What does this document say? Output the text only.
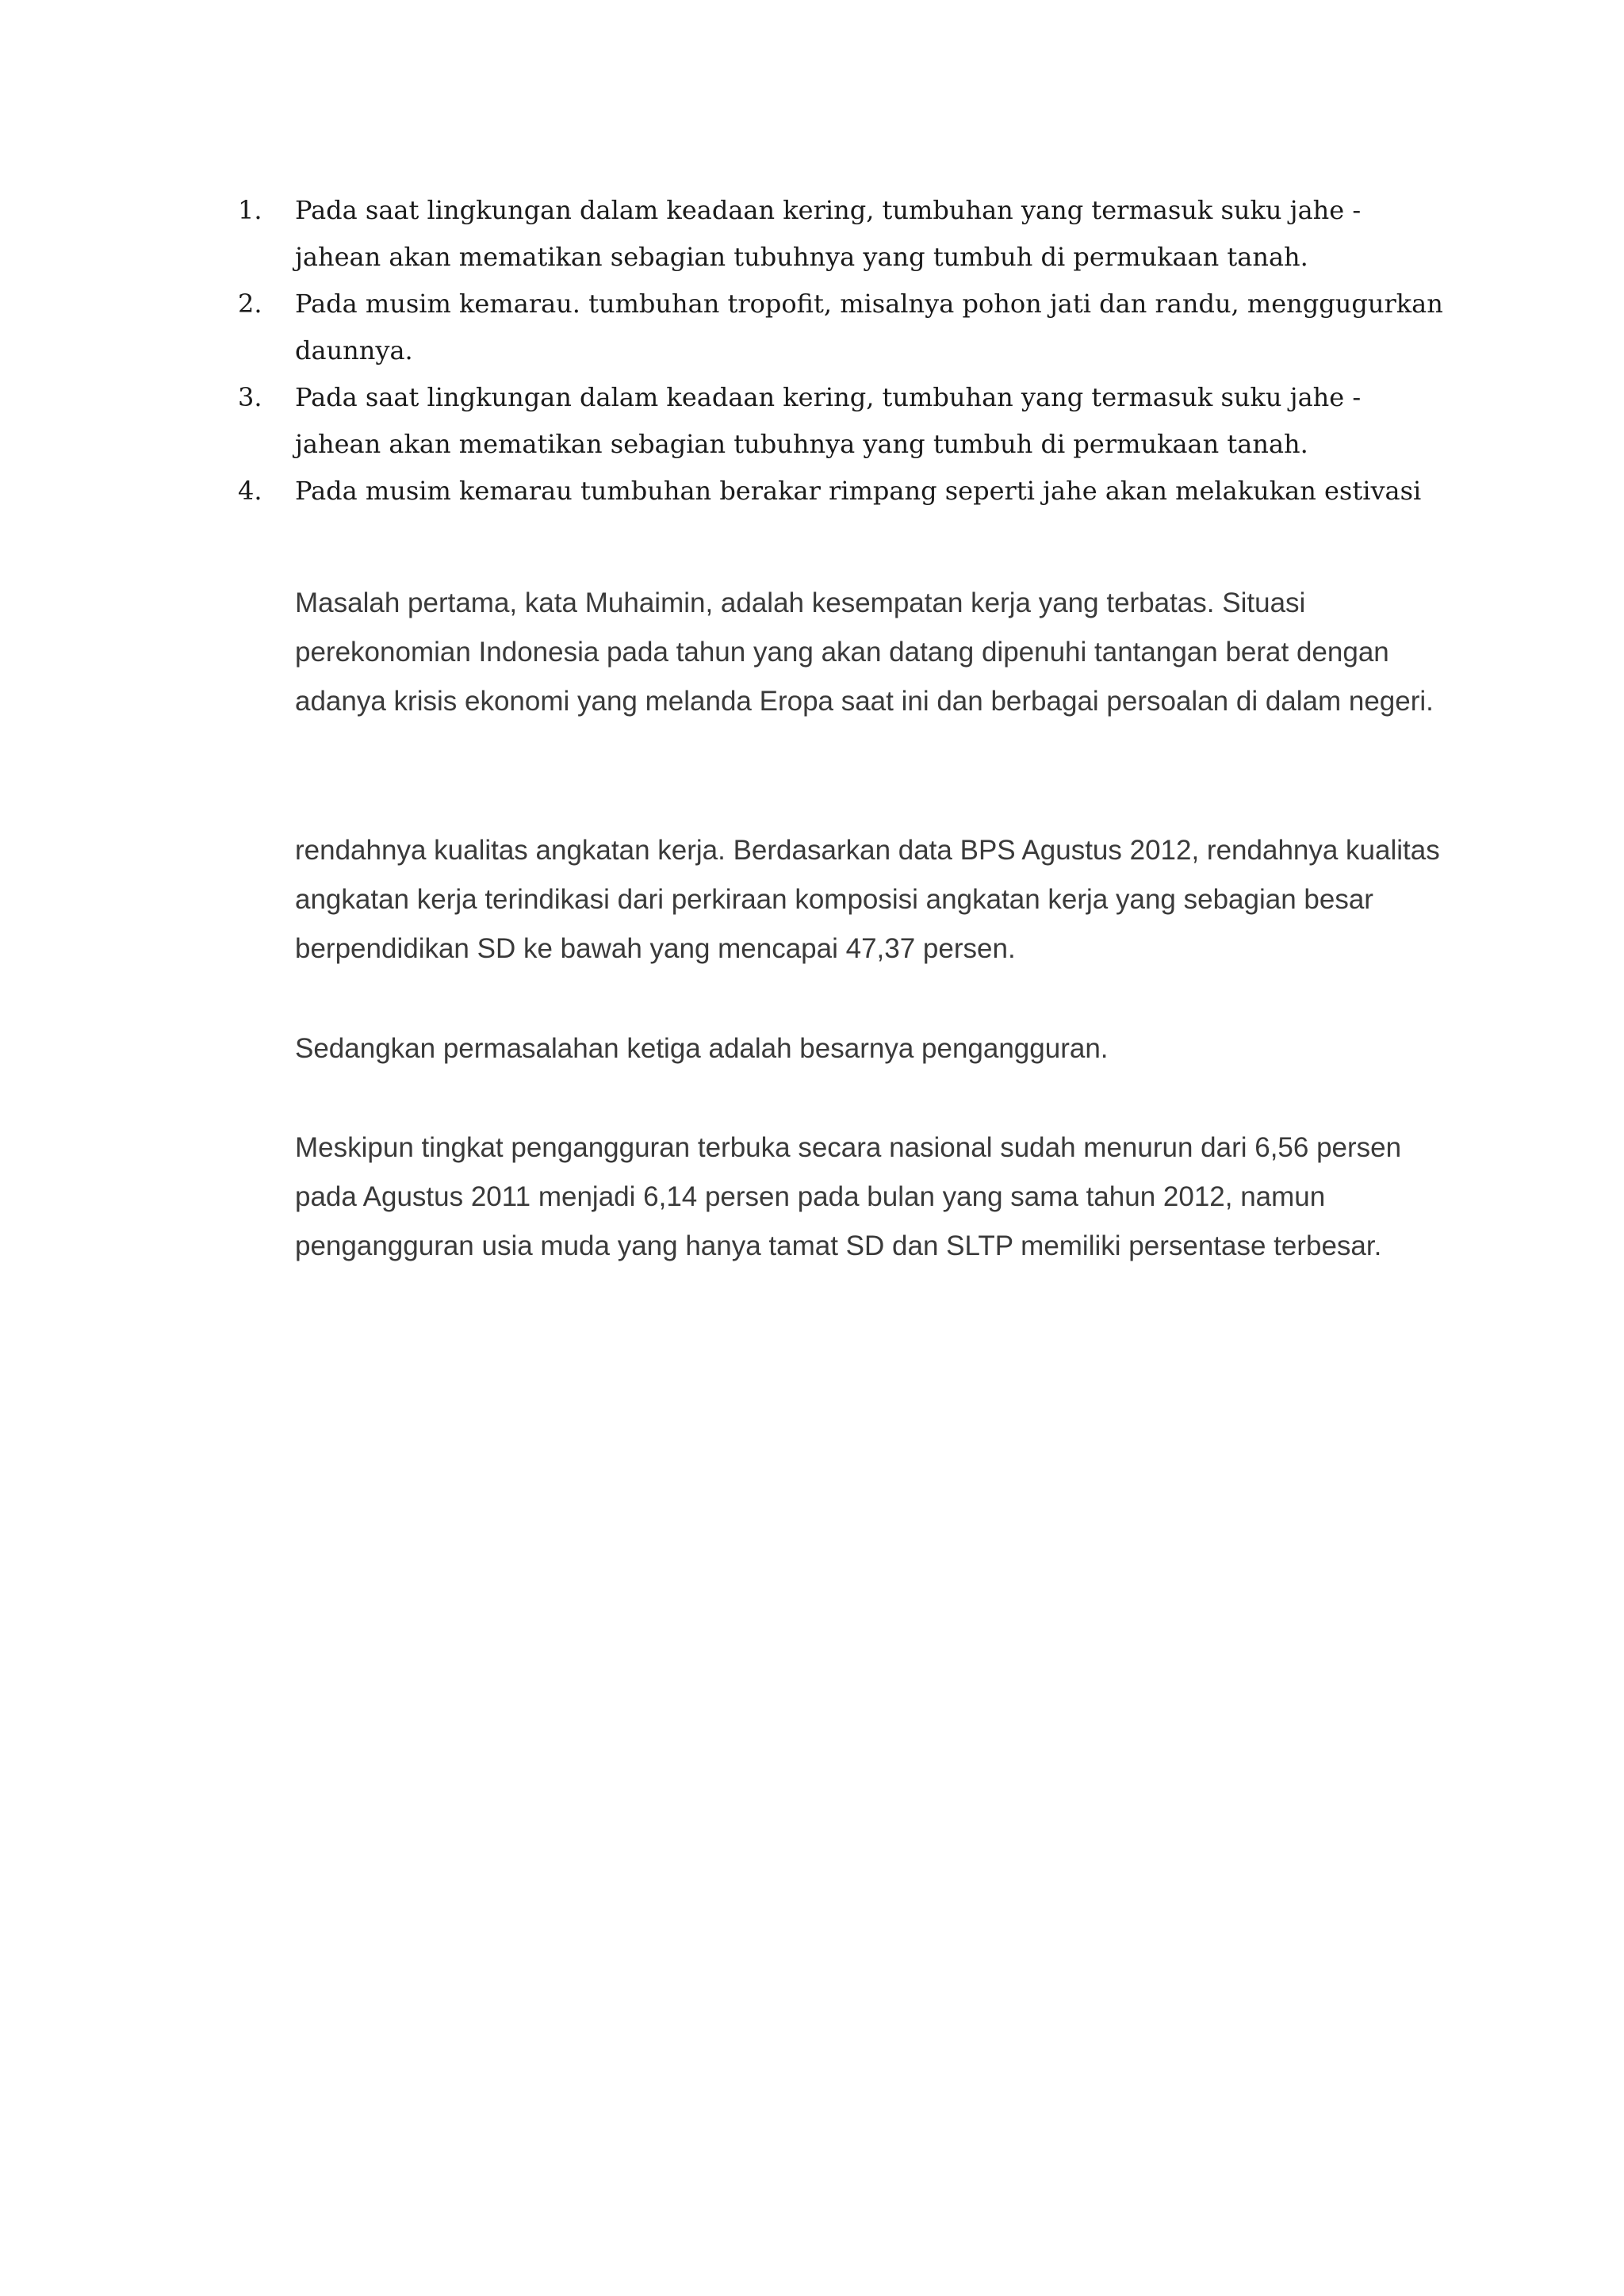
1.	Pada saat lingkungan dalam keadaan kering, tumbuhan yang termasuk suku jahe -jahean akan mematikan sebagian tubuhnya yang tumbuh di permukaan tanah.
2.	Pada musim kemarau. tumbuhan tropofit, misalnya pohon jati dan randu, menggugurkan daunnya.
3.	Pada saat lingkungan dalam keadaan kering, tumbuhan yang termasuk suku jahe -jahean akan mematikan sebagian tubuhnya yang tumbuh di permukaan tanah.
4.	Pada musim kemarau tumbuhan berakar rimpang seperti jahe akan melakukan estivasi

Masalah pertama, kata Muhaimin, adalah kesempatan kerja yang terbatas. Situasi perekonomian Indonesia pada tahun yang akan datang dipenuhi tantangan berat dengan adanya krisis ekonomi yang melanda Eropa saat ini dan berbagai persoalan di dalam negeri.

rendahnya kualitas angkatan kerja. Berdasarkan data BPS Agustus 2012, rendahnya kualitas angkatan kerja terindikasi dari perkiraan komposisi angkatan kerja yang sebagian besar berpendidikan SD ke bawah yang mencapai 47,37 persen.

Sedangkan permasalahan ketiga adalah besarnya pengangguran.

Meskipun tingkat pengangguran terbuka secara nasional sudah menurun dari 6,56 persen pada Agustus 2011 menjadi 6,14 persen pada bulan yang sama tahun 2012, namun pengangguran usia muda yang hanya tamat SD dan SLTP memiliki persentase terbesar.
